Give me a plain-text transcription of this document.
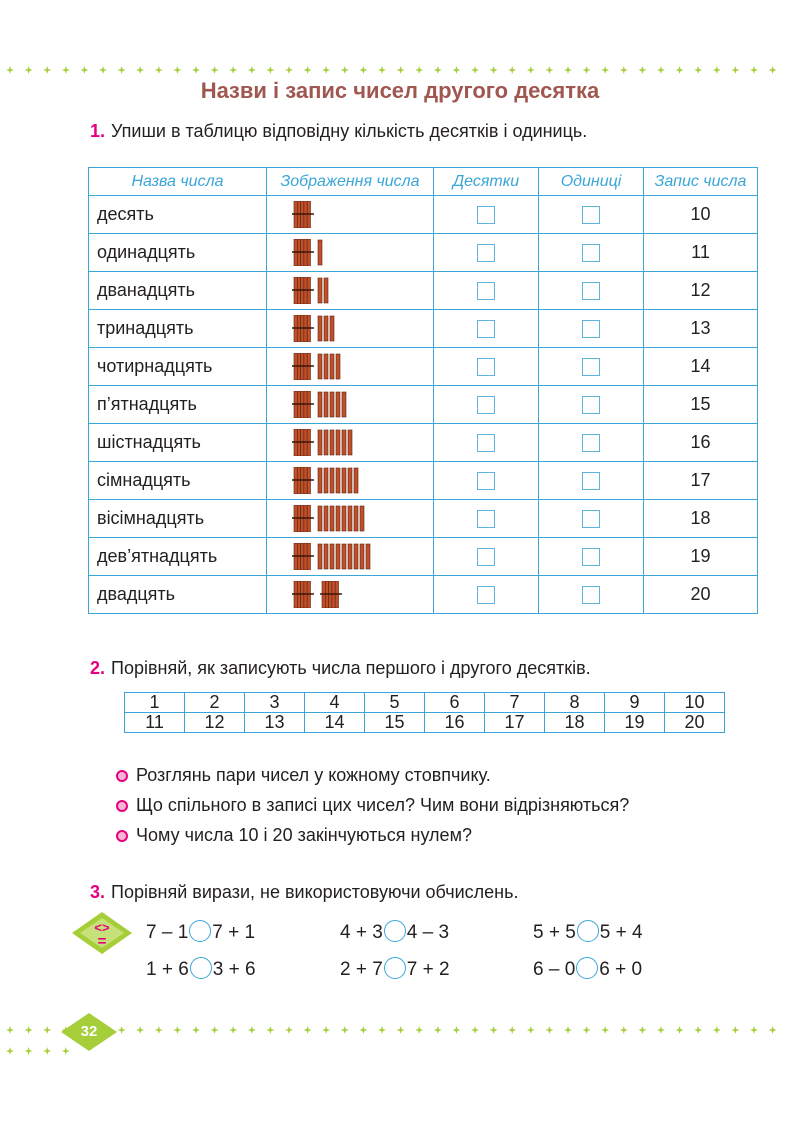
Нaзви і запис чисел другого десятка
1. Упиши в таблицю відповідну кількість десятків і одиниць.
Назва числа	Зображення числа	Десятки	Одиниці	Запис числа
десять				10
одинадцять				11
дванадцять				12
тринадцять				13
чотирнадцять				14
п’ятнадцять				15
шістнадцять				16
сімнадцять				17
вісімнадцять				18
дев’ятнадцять				19
двадцять				20
2. Порівняй, як записують числа першого і другого десятків.
1	2	3	4	5	6	7	8	9	10
11	12	13	14	15	16	17	18	19	20
Розглянь пари чисел у кожному стовпчику.
Що спільного в записі цих чисел? Чим вони відрізняються?
Чому числа 10 і 20 закінчуються нулем?
3. Порівняй вирази, не використовуючи обчислень.
<>
= 7 – 1 7 + 1	4 + 3 4 – 3	5 + 5 5 + 4
1 + 6 3 + 6	2 + 7 7 + 2	6 – 0 6 + 0
32
